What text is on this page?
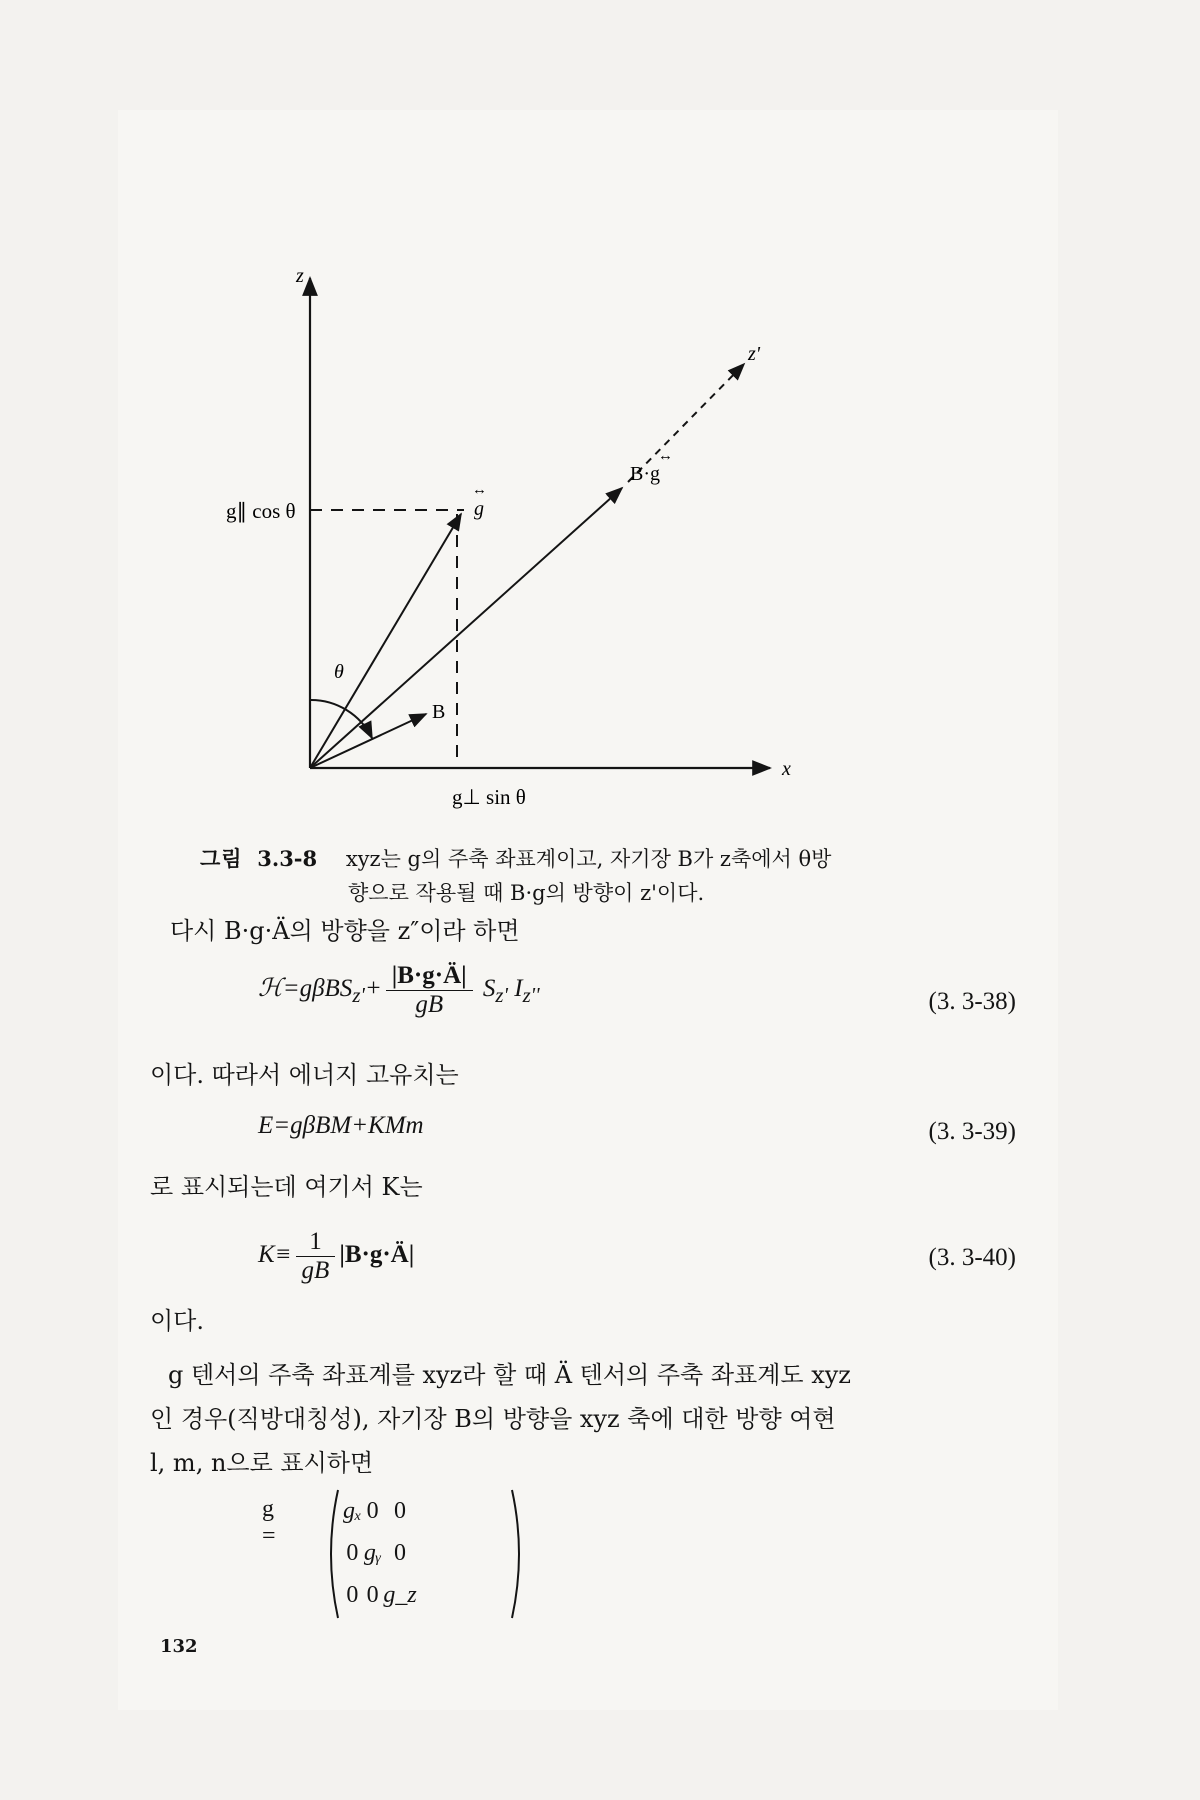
z
z'
x
g
↔
B·g
↔
B
θ
g∥ cos θ
g⊥ sin θ
그림 3.3-8 xyz는 g의 주축 좌표계이고, 자기장 B가 z축에서 θ방
향으로 작용될 때 B·g의 방향이 z'이다.
다시 B·g·Ä의 방향을 z″이라 하면
ℋ=gβBS$_{z'}$+ $\frac{|B\cdot g\cdot Ä|}{gB} S_{z'}$ $I_{z''}$	(3. 3-38)
이다. 따라서 에너지 고유치는
E=gβBM+KMm	(3. 3-39)
로 표시되는데 여기서 K는
$K\equiv \frac{1}{gB}$ |B·g·Ä|	(3. 3-40)
이다.
g 텐서의 주축 좌표계를 xyz라 할 때 Ä 텐서의 주축 좌표계도 xyz
인 경우(직방대칭성), 자기장 B의 방향을 xyz 축에 대한 방향 여현
l, m, n으로 표시하면
g =
gₓ	0	0
0	gᵧ	0
0	0	g_z
132
